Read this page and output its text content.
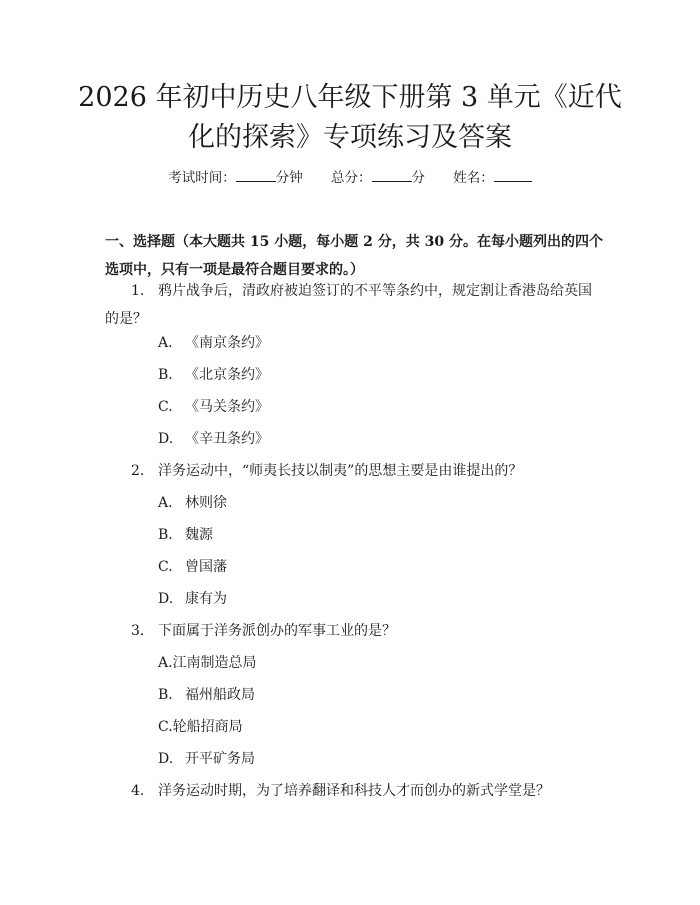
2026 年初中历史八年级下册第 3 单元《近代
化的探索》专项练习及答案
考试时间：	分钟 总分：	分 姓名：

一、选择题（本大题共 15 小题，每小题 2 分，共 30 分。在每小题列出的四个选项中，只有一项是最符合题目要求的。）

1. 鸦片战争后，清政府被迫签订的不平等条约中，规定割让香港岛给英国的是？

A. 《南京条约》

B. 《北京条约》

C. 《马关条约》

D. 《辛丑条约》

2. 洋务运动中，“师夷长技以制夷”的思想主要是由谁提出的？

A. 林则徐

B. 魏源

C. 曾国藩

D. 康有为

3. 下面属于洋务派创办的军事工业的是？

A.江南制造总局

B. 福州船政局

C.轮船招商局

D. 开平矿务局

4. 洋务运动时期，为了培养翻译和科技人才而创办的新式学堂是？
